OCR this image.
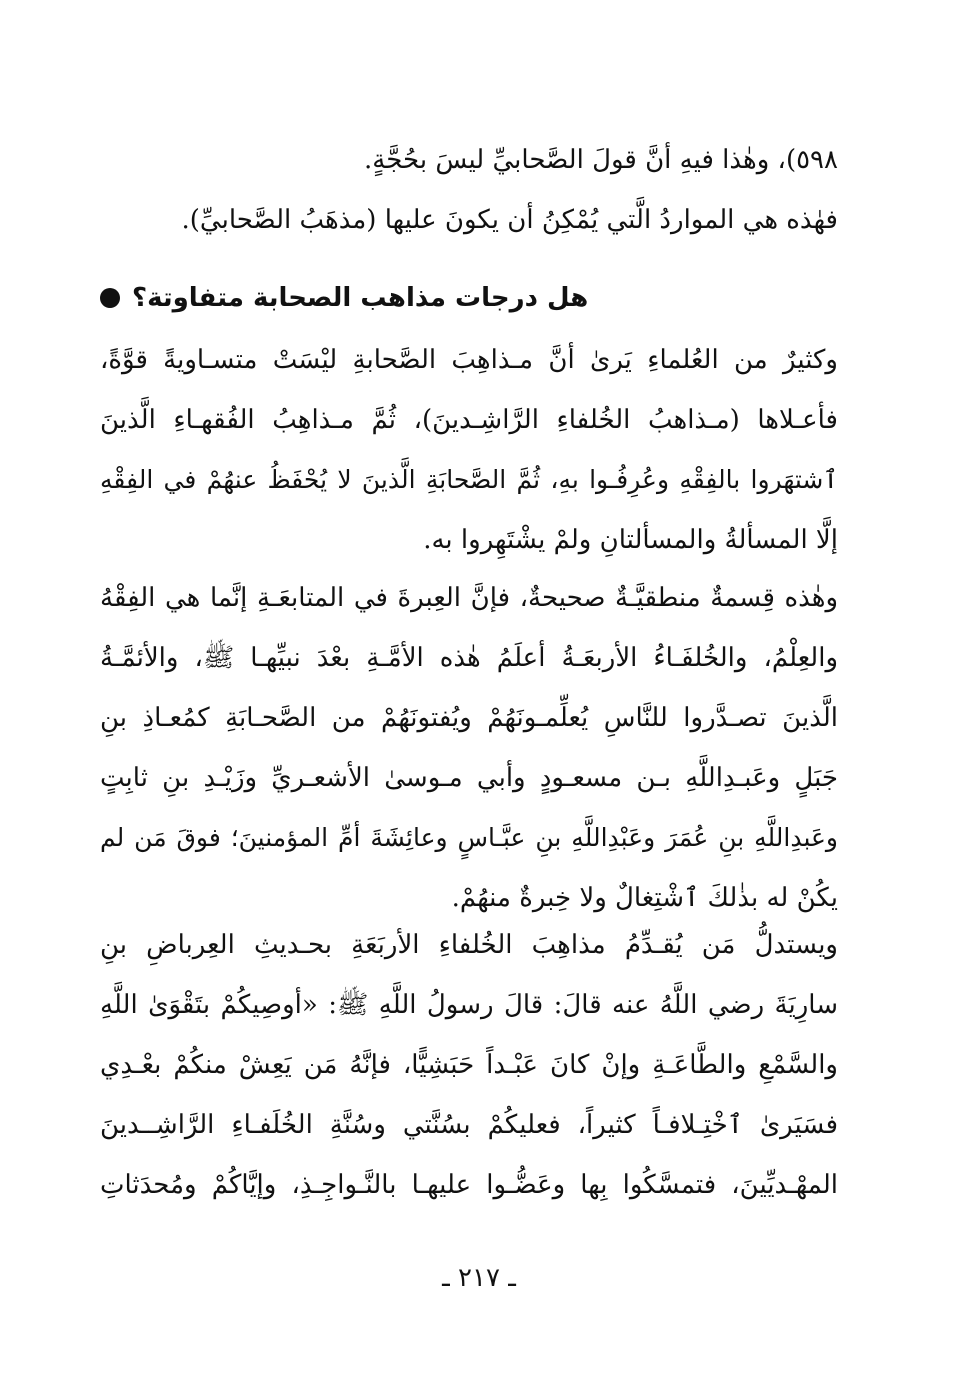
٥٩٨)، وهٰذا فيهِ أنَّ قولَ الصَّحابيِّ ليسَ بحُجَّةٍ.
فهٰذه هي المواردُ الَّتي يُمْكِنُ أن يكونَ عليها (مذهَبُ الصَّحابيِّ).
هل درجات مذاهب الصحابة متفاوتة؟
وكثيرٌ من العُلماءِ يَرىٰ أنَّ مـذاهِبَ الصَّحابةِ ليْسَتْ متسـاويةً قوَّةً،
فأعـلاها (مـذاهبُ الخُلفاءِ الرَّاشِـدينَ)، ثُمَّ مـذاهِبُ الفُقهـاءِ الَّذينَ
ٱشتهَروا بالفِقْهِ وعُرِفُـوا بهِ، ثُمَّ الصَّحابَةِ الَّذينَ لا يُحْفَظُ عنهُمْ في الفِقْهِ
إلَّا المسألةُ والمسألتانِ ولمْ يشْتَهِروا به.
وهٰذه قِسمةٌ منطقيَّـةٌ صحيحةٌ، فإنَّ العِبرةَ في المتابعَـةِ إنَّما هي الفِقْهُ
والعِلْمُ، والخُلفَـاءُ الأربعَـةُ أعلَمُ هٰذه الأمَّـةِ بعْدَ نبيِّهـا ﷺ، والأئمَّـةُ
الَّذينَ تصـدَّروا للنَّاسِ يُعلِّمـونَهُمْ ويُفتونَهُمْ من الصَّحـابَةِ كمُعـاذِ بنِ
جَبَلٍ وعَبـدِاللَّهِ بـن مسعـودٍ وأبي مـوسىٰ الأشعـريِّ وزَيْـدِ بنِ ثابِتٍ
وعَبدِاللَّهِ بنِ عُمَرَ وعَبْدِاللَّهِ بنِ عبَّـاسٍ وعائِشَةَ أمِّ المؤمنينَ؛ فوقَ مَن لم
يكُنْ له بذٰلكَ ٱشْتِغالٌ ولا خِبرةٌ منهُمْ.
ويستدلُّ مَن يُقـدِّمُ مذاهِبَ الخُلفاءِ الأربَعَةِ بحـديثِ العِرباضِ بنِ
سارِيَةَ رضي اللَّهُ عنه قالَ: قالَ رسولُ اللَّهِ ﷺ: «أوصِيكُمْ بتَقْوَىٰ اللَّهِ
والسَّمْعِ والطَّاعَـةِ وإنْ كانَ عَبْـداً حَبَشِيًّا، فإنَّهُ مَن يَعِشْ منكُمْ بعْـدِي
فسَيَرىٰ ٱخْتِـلافـاً كثيراً، فعليكُمْ بسُنَّتي وسُنَّةِ الخُلَفـاءِ الرَّاشِــدينَ
المهْـديِّينَ، فتمسَّكُوا بِها وعَضُّـوا عليهـا بالنَّـواجِـذِ، وإيَّاكُمْ ومُحدَثاتِ
ـ ٢١٧ ـ
